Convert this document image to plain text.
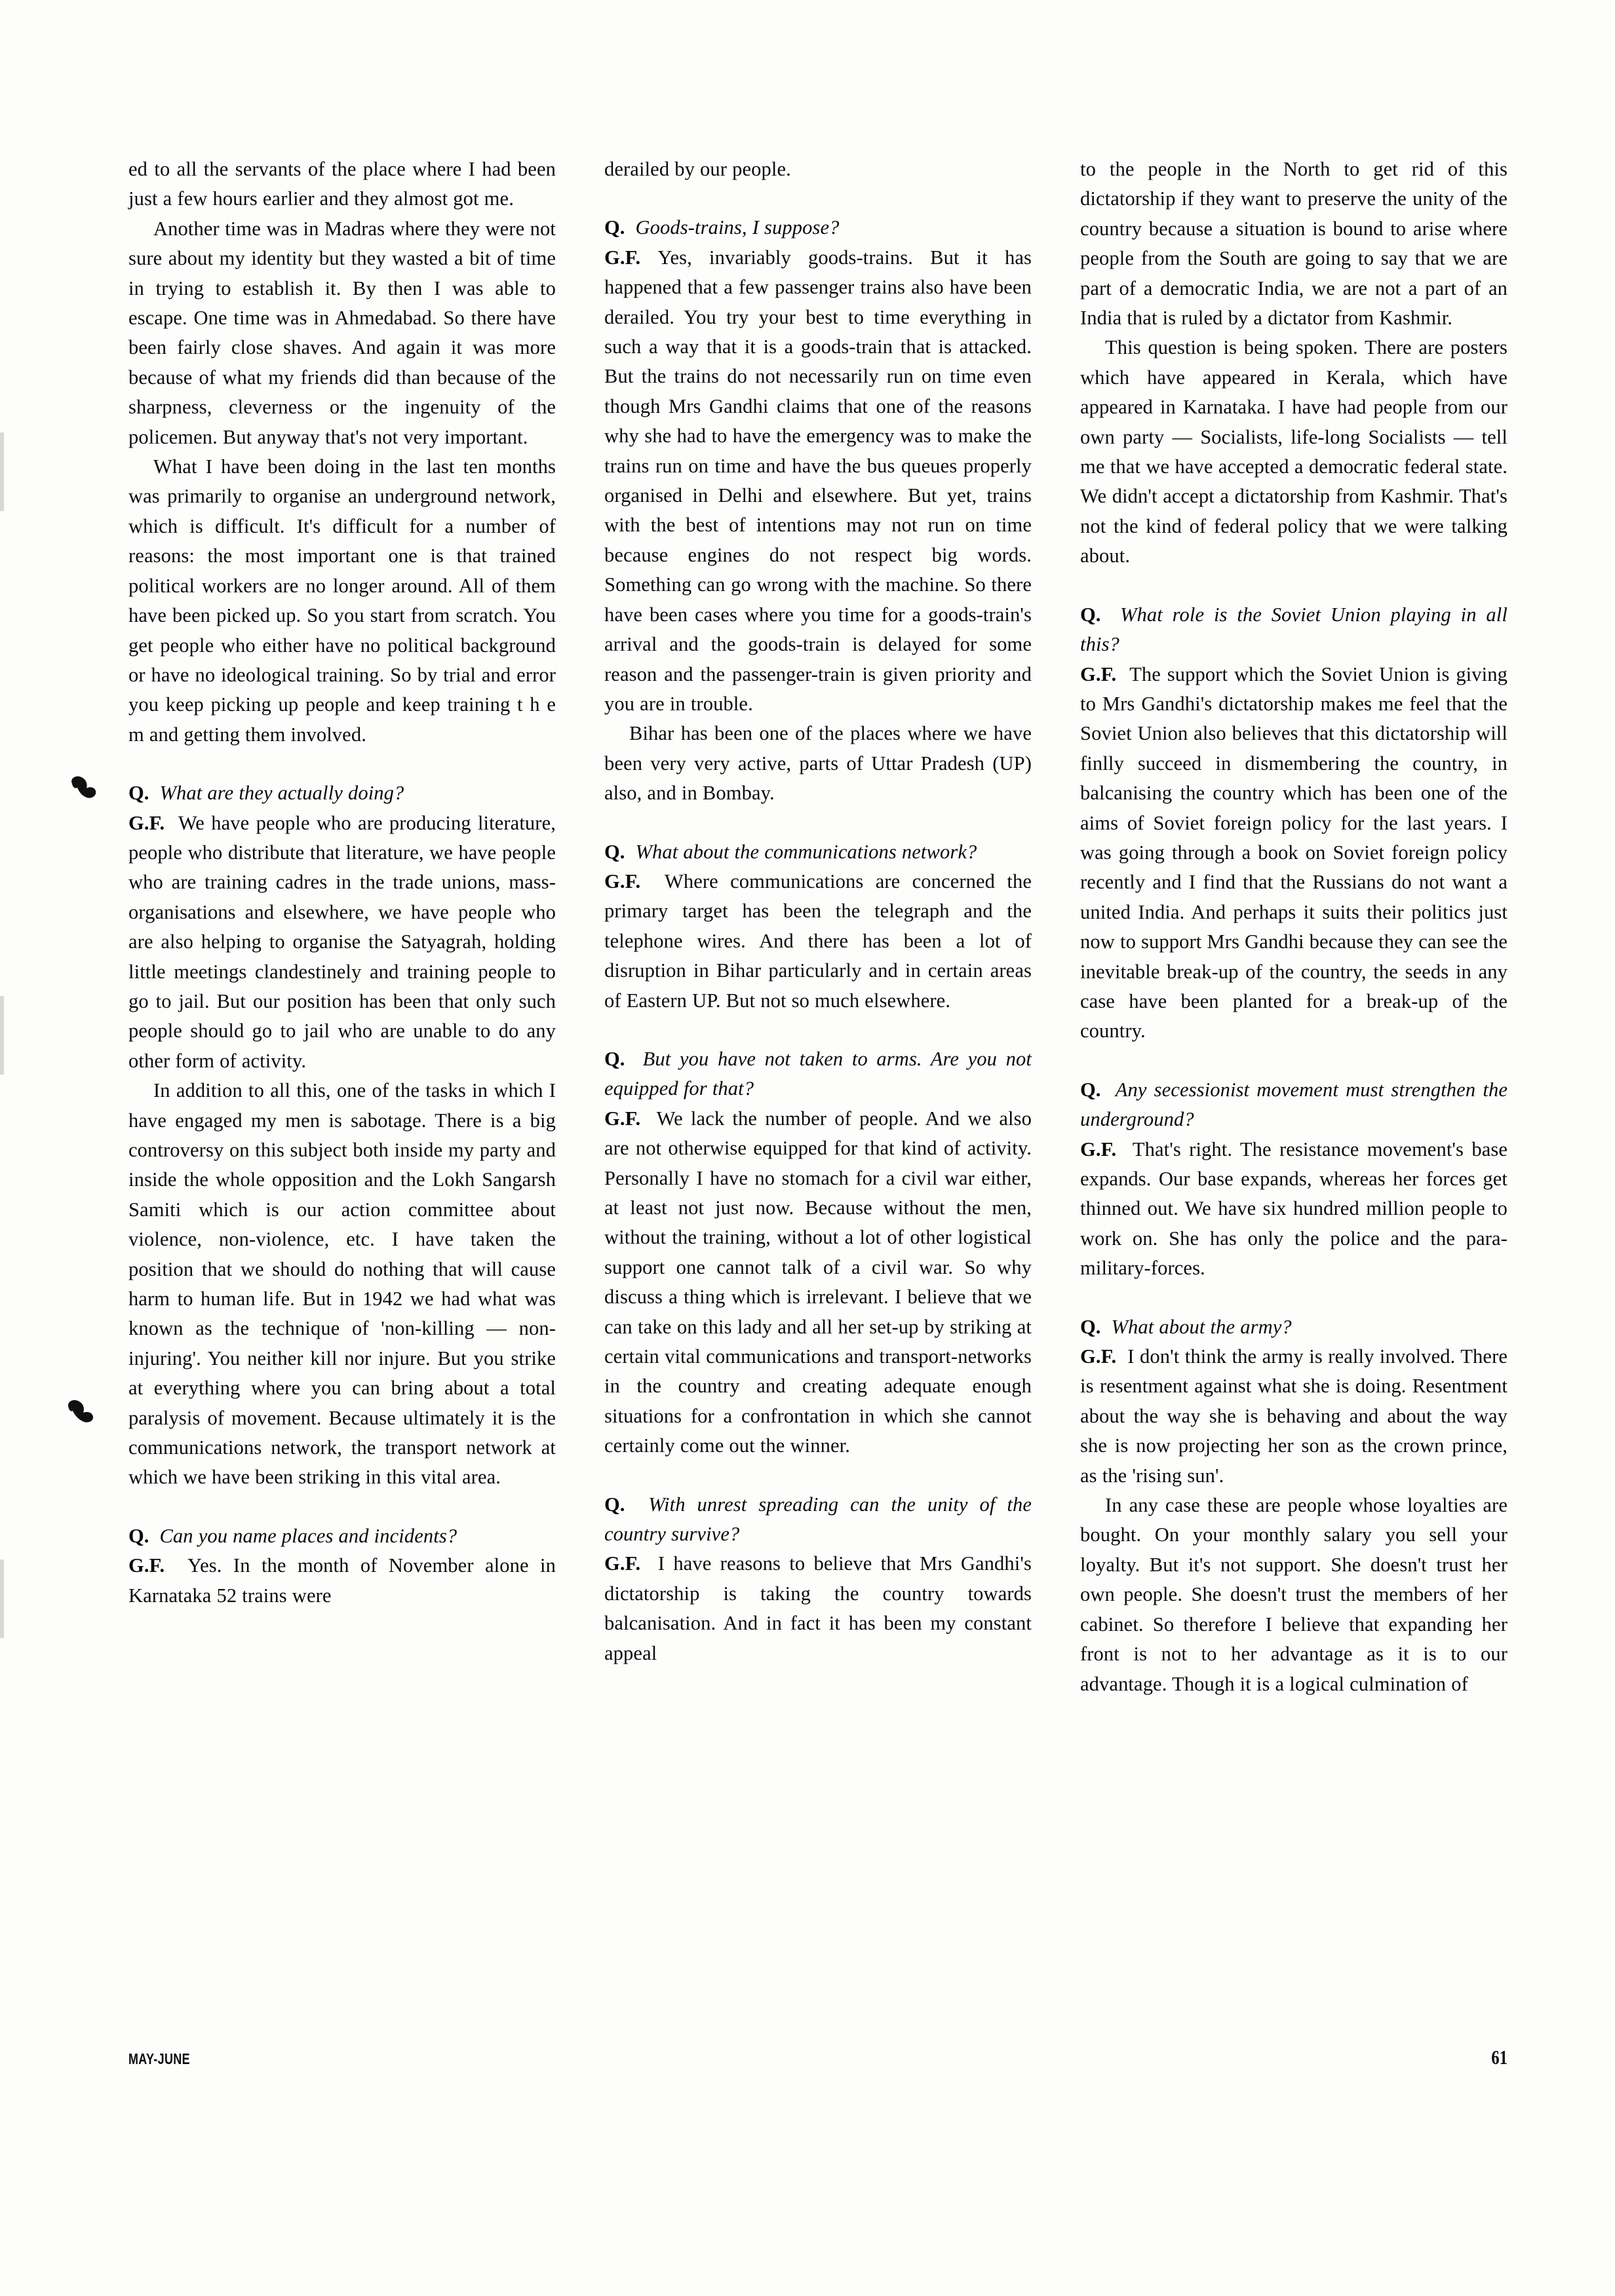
ed to all the servants of the place where I had been just a few hours earlier and they almost got me.

Another time was in Madras where they were not sure about my identity but they wasted a bit of time in trying to establish it. By then I was able to escape. One time was in Ahmedabad. So there have been fairly close shaves. And again it was more because of what my friends did than because of the sharpness, cleverness or the ingenuity of the policemen. But anyway that's not very important.

What I have been doing in the last ten months was primarily to organise an underground network, which is difficult. It's difficult for a number of reasons: the most important one is that trained political workers are no longer around. All of them have been picked up. So you start from scratch. You get people who either have no political background or have no ideological training. So by trial and error you keep picking up people and keep training t h e m and getting them involved.

Q. What are they actually doing?

G.F. We have people who are producing literature, people who distribute that literature, we have people who are training cadres in the trade unions, mass-organisations and elsewhere, we have people who are also helping to organise the Satyagrah, holding little meetings clandestinely and training people to go to jail. But our position has been that only such people should go to jail who are unable to do any other form of activity.

In addition to all this, one of the tasks in which I have engaged my men is sabotage. There is a big controversy on this subject both inside my party and inside the whole opposition and the Lokh Sangarsh Samiti which is our action committee about violence, non-violence, etc. I have taken the position that we should do nothing that will cause harm to human life. But in 1942 we had what was known as the technique of 'non-killing — non-injuring'. You neither kill nor injure. But you strike at everything where you can bring about a total paralysis of movement. Because ultimately it is the communications network, the transport network at which we have been striking in this vital area.

Q. Can you name places and incidents?

G.F. Yes. In the month of November alone in Karnataka 52 trains were

derailed by our people.

Q. Goods-trains, I suppose?

G.F. Yes, invariably goods-trains. But it has happened that a few passenger trains also have been derailed. You try your best to time everything in such a way that it is a goods-train that is attacked. But the trains do not necessarily run on time even though Mrs Gandhi claims that one of the reasons why she had to have the emergency was to make the trains run on time and have the bus queues properly organised in Delhi and elsewhere. But yet, trains with the best of intentions may not run on time because engines do not respect big words. Something can go wrong with the machine. So there have been cases where you time for a goods-train's arrival and the goods-train is delayed for some reason and the passenger-train is given priority and you are in trouble.

Bihar has been one of the places where we have been very very active, parts of Uttar Pradesh (UP) also, and in Bombay.

Q. What about the communications network?

G.F. Where communications are concerned the primary target has been the telegraph and the telephone wires. And there has been a lot of disruption in Bihar particularly and in certain areas of Eastern UP. But not so much elsewhere.

Q. But you have not taken to arms. Are you not equipped for that?

G.F. We lack the number of people. And we also are not otherwise equipped for that kind of activity. Personally I have no stomach for a civil war either, at least not just now. Because without the men, without the training, without a lot of other logistical support one cannot talk of a civil war. So why discuss a thing which is irrelevant. I believe that we can take on this lady and all her set-up by striking at certain vital communications and transport-networks in the country and creating adequate enough situations for a confrontation in which she cannot certainly come out the winner.

Q. With unrest spreading can the unity of the country survive?

G.F. I have reasons to believe that Mrs Gandhi's dictatorship is taking the country towards balcanisation. And in fact it has been my constant appeal

to the people in the North to get rid of this dictatorship if they want to preserve the unity of the country because a situation is bound to arise where people from the South are going to say that we are part of a democratic India, we are not a part of an India that is ruled by a dictator from Kashmir.

This question is being spoken. There are posters which have appeared in Kerala, which have appeared in Karnataka. I have had people from our own party — Socialists, life-long Socialists — tell me that we have accepted a democratic federal state. We didn't accept a dictatorship from Kashmir. That's not the kind of federal policy that we were talking about.

Q. What role is the Soviet Union playing in all this?

G.F. The support which the Soviet Union is giving to Mrs Gandhi's dictatorship makes me feel that the Soviet Union also believes that this dictatorship will finlly succeed in dismembering the country, in balcanising the country which has been one of the aims of Soviet foreign policy for the last years. I was going through a book on Soviet foreign policy recently and I find that the Russians do not want a united India. And perhaps it suits their politics just now to support Mrs Gandhi because they can see the inevitable break-up of the country, the seeds in any case have been planted for a break-up of the country.

Q. Any secessionist movement must strengthen the underground?

G.F. That's right. The resistance movement's base expands. Our base expands, whereas her forces get thinned out. We have six hundred million people to work on. She has only the police and the para-military-forces.

Q. What about the army?

G.F. I don't think the army is really involved. There is resentment against what she is doing. Resentment about the way she is behaving and about the way she is now projecting her son as the crown prince, as the 'rising sun'.

In any case these are people whose loyalties are bought. On your monthly salary you sell your loyalty. But it's not support. She doesn't trust her own people. She doesn't trust the members of her cabinet. So therefore I believe that expanding her front is not to her advantage as it is to our advantage. Though it is a logical culmination of

MAY-JUNE	61
